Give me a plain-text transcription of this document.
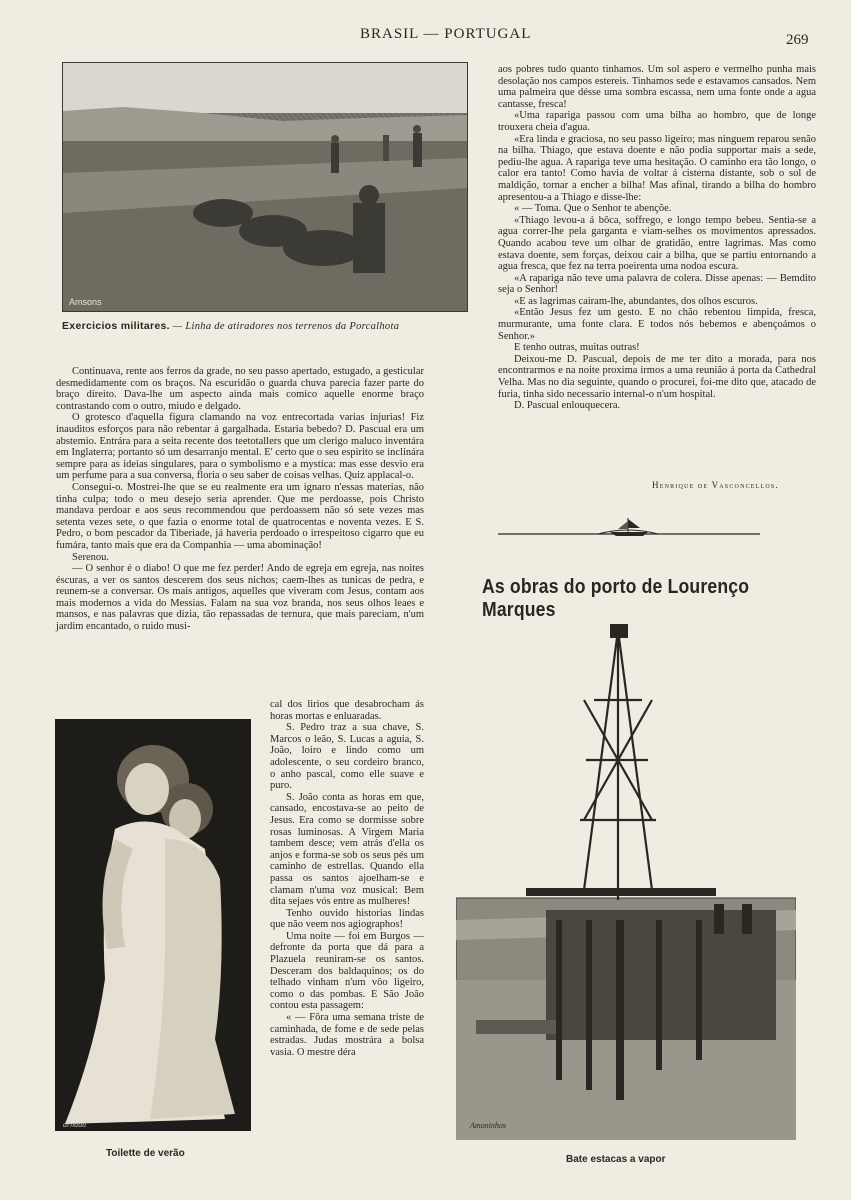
BRASIL — PORTUGAL	269
Amsons
Exercicios militares. — Linha de atiradores nos terrenos da Porcalhota

Continuava, rente aos ferros da grade, no seu passo apertado, estugado, a gesticular desmedidamente com os braços. Na escuridão o guarda chuva parecia fazer parte do braço direito. Dava-lhe um aspecto ainda mais comico aquelle enorme braço contrastando com o outro, miudo e delgado.

O grotesco d'aquella figura clamando na voz entrecortada varias injurias! Fiz inauditos esforços para não rebentar á gargalhada. Estaria bebedo? D. Pascual era um abstemio. Entrára para a seita recente dos teetotallers que um clerigo maluco inventára em Inglaterra; portanto só um desarranjo mental. E' certo que o seu espirito se inclinára sempre para as ideias singulares, para o symbolismo e a mystica: mas esse desvio era um perfume para a sua conversa, floria o seu saber de coisas velhas. Quiz applacal-o.

Consegui-o. Mostrei-lhe que se eu realmente era um ignaro n'essas materias, não tinha culpa; todo o meu desejo seria aprender. Que me perdoasse, pois Christo mandava perdoar e aos seus recommendou que perdoassem não só sete vezes mas setenta vezes sete, o que fazia o enorme total de quatrocentas e noventa vezes. E S. Pedro, o bom pescador da Tiberiade, já haveria perdoado o irrespeitoso cigarro que eu fumára, tanto mais que era da Companhia — uma abominação!

Serenou.

— O senhor é o diabo! O que me fez perder! Ando de egreja em egreja, nas noites éscuras, a ver os santos descerem dos seus nichos; caem-lhes as tunicas de pedra, e reunem-se a conversar. Os mais antigos, aquelles que viveram com Jesus, contam aos mais modernos a vida do Messias. Falam na sua voz branda, nos seus olhos leaes e mansos, e nas palavras que dizia, tão repassadas de ternura, que mais pareciam, n'um jardim encantado, o ruido musi-

arnaud
Toilette de verão

cal dos lirios que desabrocham ás horas mortas e enluaradas.

S. Pedro traz a sua chave, S. Marcos o leão, S. Lucas a aguia, S. João, loiro e lindo como um adolescente, o seu cordeiro branco, o anho pascal, como elle suave e puro.

S. João conta as horas em que, cansado, encostava-se ao peito de Jesus. Era como se dormisse sobre rosas luminosas. A Virgem Maria tambem desce; vem atrás d'ella os anjos e forma-se sob os seus pés um caminho de estrellas. Quando ella passa os santos ajoelham-se e clamam n'uma voz musical: Bem dita sejaes vós entre as mulheres!

Tenho ouvido historias lindas que não veem nos agiographos!

Uma noite — foi em Burgos — defronte da porta que dá para a Plazuela reuniram-se os santos. Desceram dos baldaquinos; os do telhado vinham n'um vôo ligeiro, como o das pombas. E São João contou esta passagem:

« — Fôra uma semana triste de caminhada, de fome e de sede pelas estradas. Judas mostrára a bolsa vasia. O mestre déra

aos pobres tudo quanto tinhamos. Um sol aspero e vermelho punha mais desolação nos campos estereis. Tinhamos sede e estavamos cansados. Nem uma palmeira que désse uma sombra escassa, nem uma fonte onde a agua cantasse, fresca!

«Uma rapariga passou com uma bilha ao hombro, que de longe trouxera cheia d'agua.

«Era linda e graciosa, no seu passo ligeiro; mas ninguem reparou senão na bilha. Thiago, que estava doente e não podia supportar mais a sede, pediu-lhe agua. A rapariga teve uma hesitação. O caminho era tão longo, o calor era tanto! Como havia de voltar á cisterna distante, sob o sol de maldição, tornar a encher a bilha! Mas afinal, tirando a bilha do hombro apresentou-a a Thiago e disse-lhe:

« — Toma. Que o Senhor te abençõe.

«Thiago levou-a á bôca, soffrego, e longo tempo bebeu. Sentia-se a agua correr-lhe pela garganta e viam-selhes os movimentos apressados. Quando acabou teve um olhar de gratidão, entre lagrimas. Mas como estava doente, sem forças, deixou cair a bilha, que se partiu entornando a agua fresca, que fez na terra poeirenta uma nodoa escura.

«A rapariga não teve uma palavra de colera. Disse apenas: — Bemdito seja o Senhor!

«E as lagrimas cairam-lhe, abundantes, dos olhos escuros.

«Então Jesus fez um gesto. E no chão rebentou limpida, fresca, murmurante, uma fonte clara. E todos nós bebemos e abençoámos o Senhor.»

E tenho outras, muitas outras!

Deixou-me D. Pascual, depois de me ter dito a morada, para nos encontrarmos e na noite proxima irmos a uma reunião á porta da Cathedral Velha. Mas no dia seguinte, quando o procurei, foi-me dito que, atacado de furia, tinha sido necessario internal-o n'um hospital.

D. Pascual enlouquecera.

Henrique de Vasconcellos.
As obras do porto de Lourenço Marques
Amoninhos
Bate estacas a vapor
